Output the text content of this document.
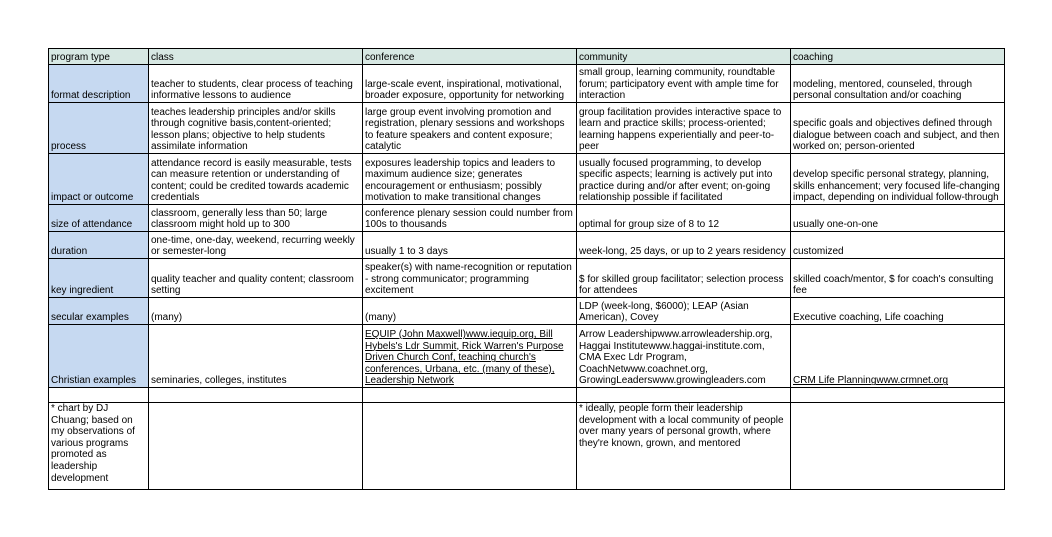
program type	class	conference	community	coaching
format description	teacher to students, clear process of teaching informative lessons to audience	large-scale event, inspirational, motivational, broader exposure, opportunity for networking	small group, learning community, roundtable forum; participatory event with ample time for interaction	modeling, mentored, counseled, through personal consultation and/or coaching
process	teaches leadership principles and/or skills through cognitive basis,content-oriented; lesson plans; objective to help students assimilate information	large group event involving promotion and registration, plenary sessions and workshops to feature speakers and content exposure; catalytic	group facilitation provides interactive space to learn and practice skills; process-oriented; learning happens experientially and peer-to-peer	specific goals and objectives defined through dialogue between coach and subject, and then worked on; person-oriented
impact or outcome	attendance record is easily measurable, tests can measure retention or understanding of content; could be credited towards academic credentials	exposures leadership topics and leaders to maximum audience size; generates encouragement or enthusiasm; possibly motivation to make transitional changes	usually focused programming, to develop specific aspects; learning is actively put into practice during and/or after event; on-going relationship possible if facilitated	develop specific personal strategy, planning, skills enhancement; very focused life-changing impact, depending on individual follow-through
size of attendance	classroom, generally less than 50; large classroom might hold up to 300	conference plenary session could number from 100s to thousands	optimal for group size of 8 to 12	usually one-on-one
duration	one-time, one-day, weekend, recurring weekly or semester-long	usually 1 to 3 days	week-long, 25 days, or up to 2 years residency	customized
key ingredient	quality teacher and quality content; classroom setting	speaker(s) with name-recognition or reputation - strong communicator; programming excitement	$ for skilled group facilitator; selection process for attendees	skilled coach/mentor, $ for coach's consulting fee
secular examples	(many)	(many)	LDP (week-long, $6000); LEAP (Asian American), Covey	Executive coaching, Life coaching
Christian examples	seminaries, colleges, institutes	EQUIP (John Maxwell)www.iequip.org, Bill Hybels's Ldr Summit, Rick Warren's Purpose Driven Church Conf, teaching church's conferences, Urbana, etc. (many of these), Leadership Network	Arrow Leadershipwww.arrowleadership.org, Haggai Institutewww.haggai-institute.com, CMA Exec Ldr Program, CoachNetwww.coachnet.org, GrowingLeaderswww.growingleaders.com	CRM Life Planningwww.crmnet.org

* chart by DJ Chuang; based on my observations of various programs promoted as leadership development			* ideally, people form their leadership development with a local community of people over many years of personal growth, where they're known, grown, and mentored	
